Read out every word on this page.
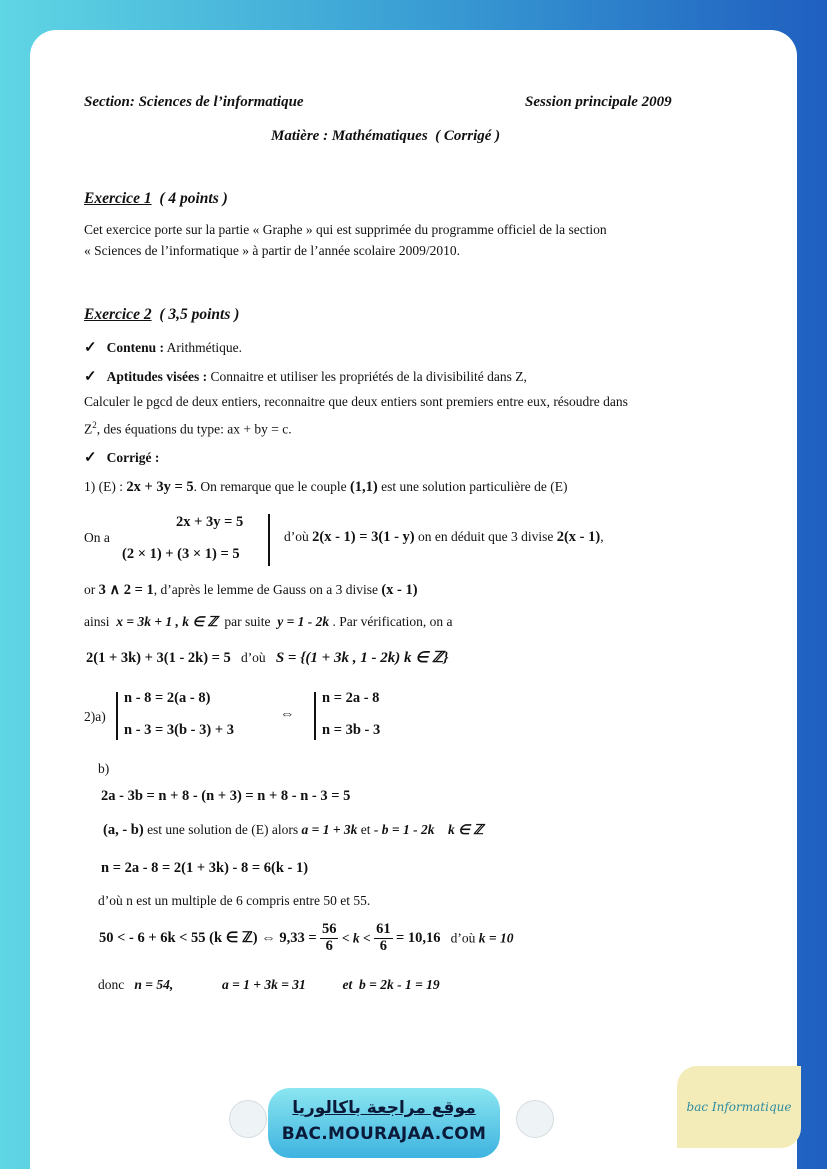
Section: Sciences de l’informatique	Session principale 2009
Matière : Mathématiques ( Corrigé )
Exercice 1 ( 4 points )
Cet exercice porte sur la partie « Graphe » qui est supprimée du programme officiel de la section
« Sciences de l’informatique » à partir de l’année scolaire 2009/2010.
Exercice 2 ( 3,5 points )
✓ Contenu : Arithmétique.
✓ Aptitudes visées : Connaitre et utiliser les propriétés de la divisibilité dans Z,
Calculer le pgcd de deux entiers, reconnaitre que deux entiers sont premiers entre eux, résoudre dans
$Z^2$, des équations du type: ax + by = c.
✓ Corrigé :
1) (E) : 2x + 3y = 5. On remarque que le couple (1,1) est une solution particulière de (E)
On a
2x + 3y = 5
(2 × 1) + (3 × 1) = 5
d’où 2(x - 1) = 3(1 - y) on en déduit que 3 divise 2(x - 1),
or 3 ∧ 2 = 1, d’après le lemme de Gauss on a 3 divise (x - 1)
ainsi x = 3k + 1 , k ∈ ℤ par suite y = 1 - 2k . Par vérification, on a
2(1 + 3k) + 3(1 - 2k) = 5 d’où S = {(1 + 3k , 1 - 2k) k ∈ ℤ}
2)a)
n - 8 = 2(a - 8)
n - 3 = 3(b - 3) + 3
⇔
n = 2a - 8
n = 3b - 3
b)
2a - 3b = n + 8 - (n + 3) = n + 8 - n - 3 = 5
(a, - b) est une solution de (E) alors a = 1 + 3k et - b = 1 - 2k k ∈ ℤ
n = 2a - 8 = 2(1 + 3k) - 8 = 6(k - 1)
d’où n est un multiple de 6 compris entre 50 et 55.
50 < - 6 + 6k < 55 (k ∈ ℤ) ⇔ $9,33 = \frac{56}{6} < k < \frac{61}{6} = 10,16$ d’où k = 10
donc n = 54,	a = 1 + 3k = 31	et b = 2k - 1 = 19
موقع مراجعة باكالوريا
BAC.MOURAJAA.COM
bac Informatique
